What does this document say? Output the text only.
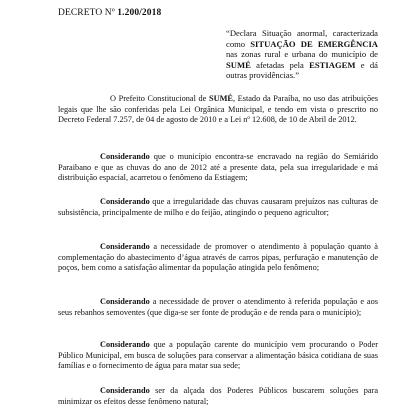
DECRETO Nº 1.200/2018
“Declara Situação anormal, caracterizada como SITUAÇÃO DE EMERGÊNCIA nas zonas rural e urbana do município de SUMÉ afetadas pela ESTIAGEM e dá outras providências.”
O Prefeito Constitucional de SUMÉ, Estado da Paraíba, no uso das atribuições legais que lhe são conferidas pela Lei Orgânica Municipal, e tendo em vista o prescrito no Decreto Federal 7.257, de 04 de agosto de 2010 e a Lei nº 12.608, de 10 de Abril de 2012.
Considerando que o município encontra-se encravado na região do Semiárido Paraibano e que as chuvas do ano de 2012 até a presente data, pela sua irregularidade e má distribuição espacial, acarretou o fenômeno da Estiagem;
Considerando que a irregularidade das chuvas causaram prejuízos nas culturas de subsistência, principalmente de milho e do feijão, atingindo o pequeno agricultor;
Considerando a necessidade de promover o atendimento à população quanto à complementação do abastecimento d’água através de carros pipas, perfuração e manutenção de poços, bem como a satisfação alimentar da população atingida pelo fenômeno;
Considerando a necessidade de prover o atendimento à referida população e aos seus rebanhos semoventes (que diga-se ser fonte de produção e de renda para o município);
Considerando que a população carente do município vem procurando o Poder Público Municipal, em busca de soluções para conservar a alimentação básica cotidiana de suas famílias e o fornecimento de água para matar sua sede;
Considerando ser da alçada dos Poderes Públicos buscarem soluções para minimizar os efeitos desse fenômeno natural;
